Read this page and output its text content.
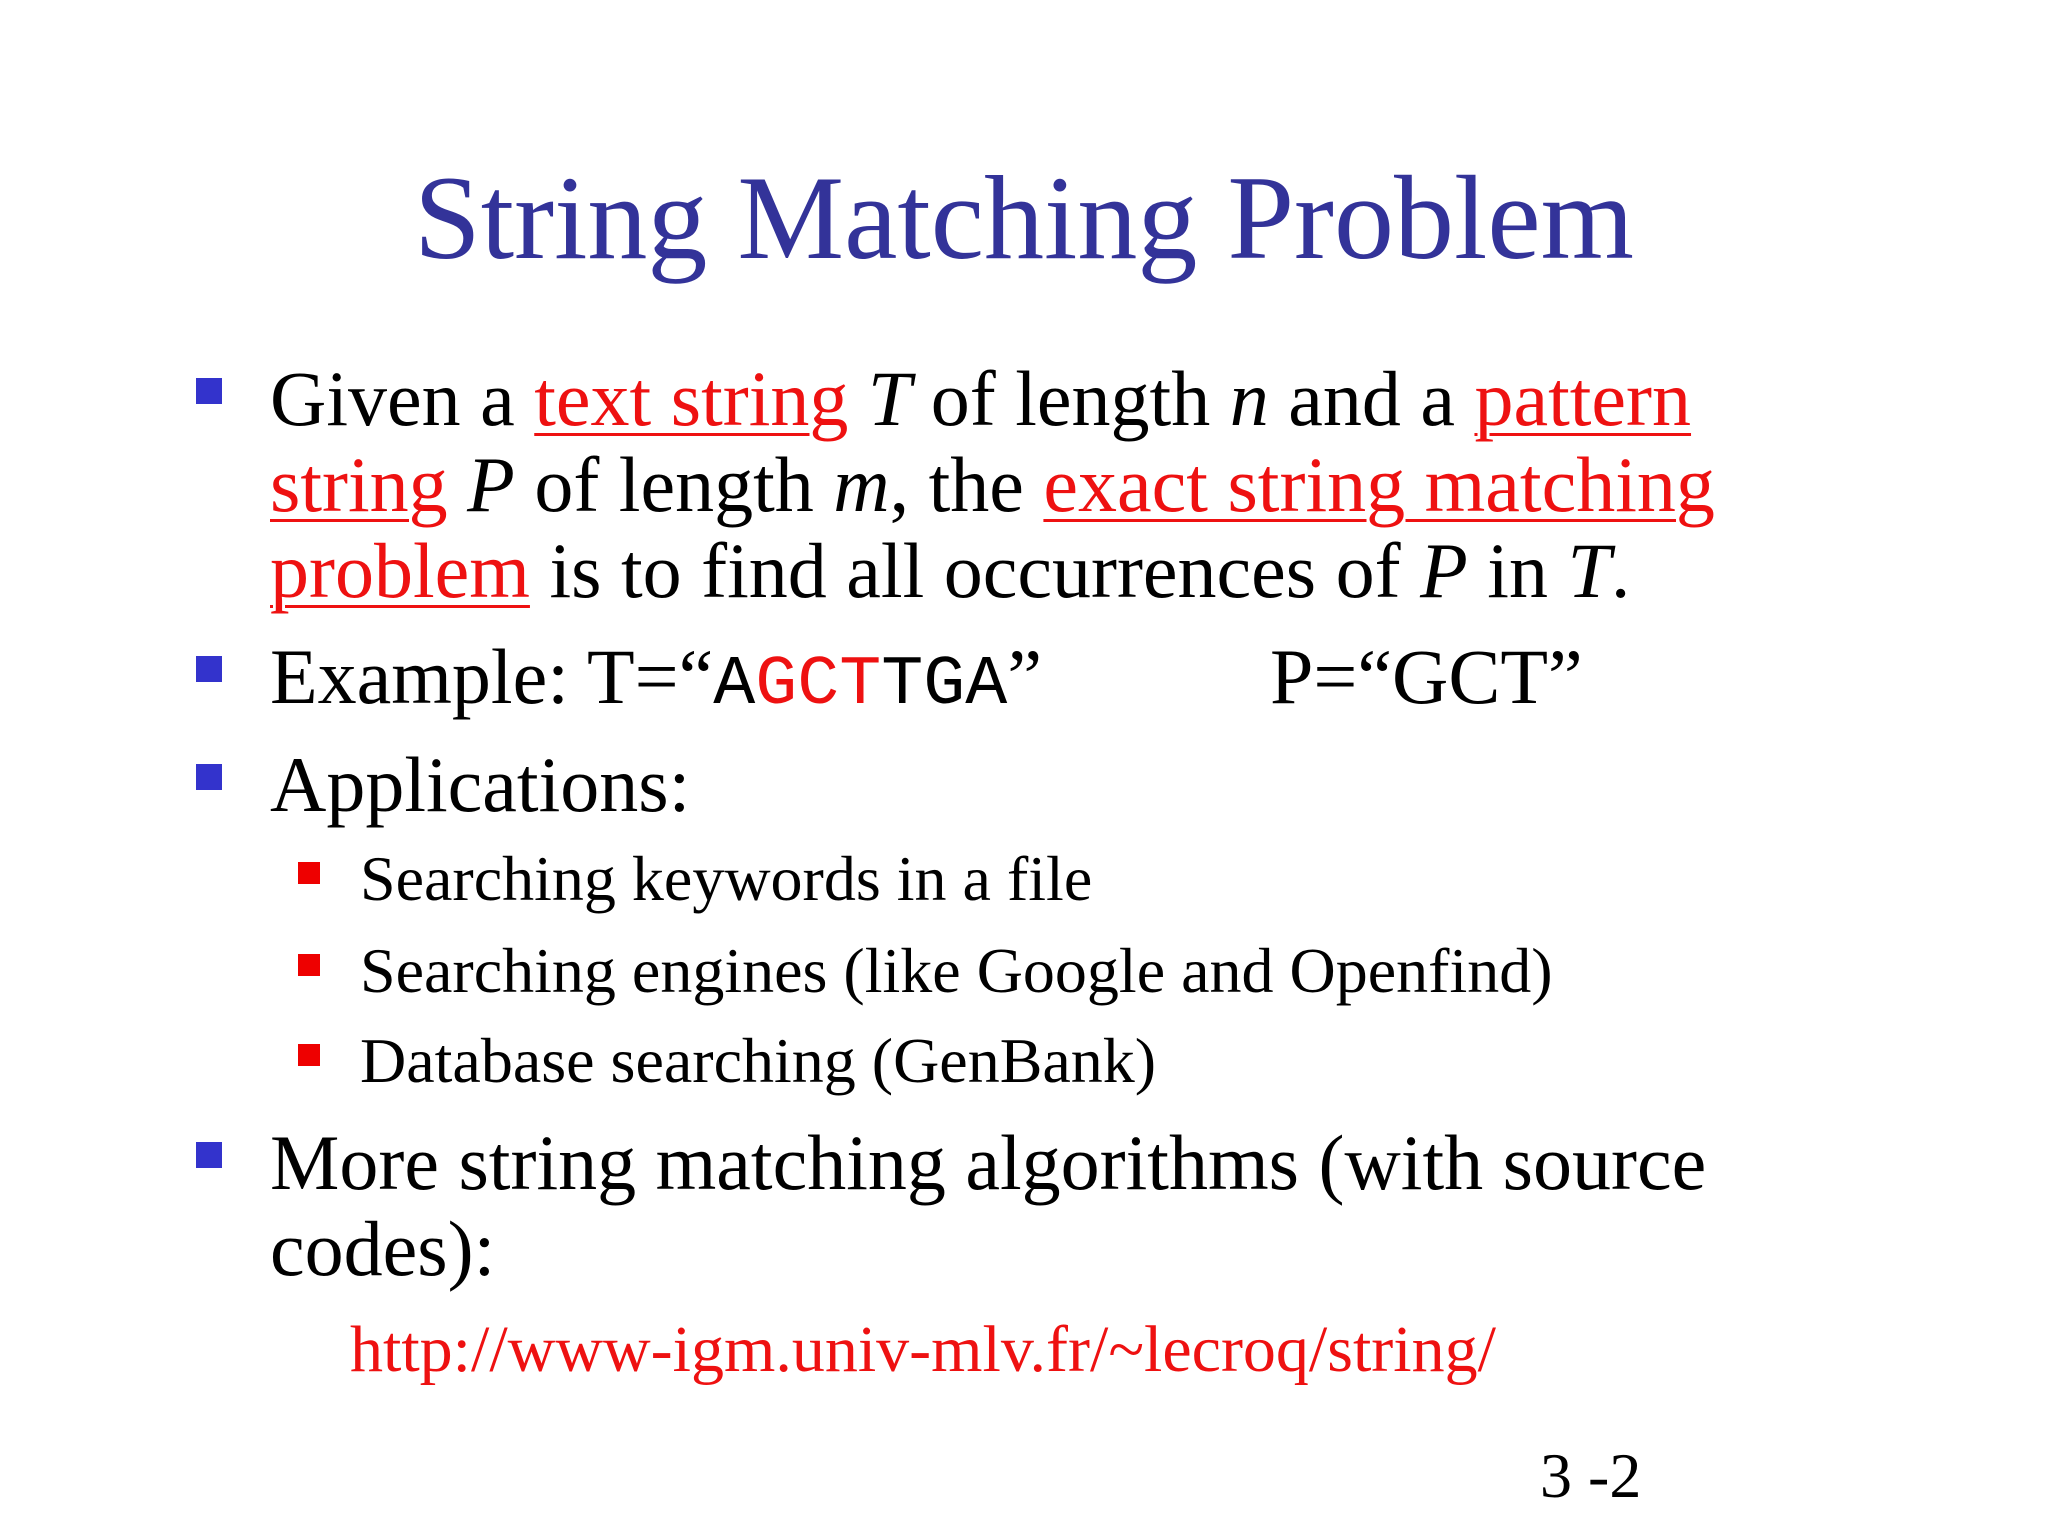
String Matching Problem
Given a text string T of length n and a pattern
string P of length m, the exact string matching
problem is to find all occurrences of P in T.
Example: T=“AGCTTGA”	P=“GCT”
Applications:
Searching keywords in a file
Searching engines (like Google and Openfind)
Database searching (GenBank)
More string matching algorithms (with source
codes):
http://www-igm.univ-mlv.fr/~lecroq/string/
3 -2
